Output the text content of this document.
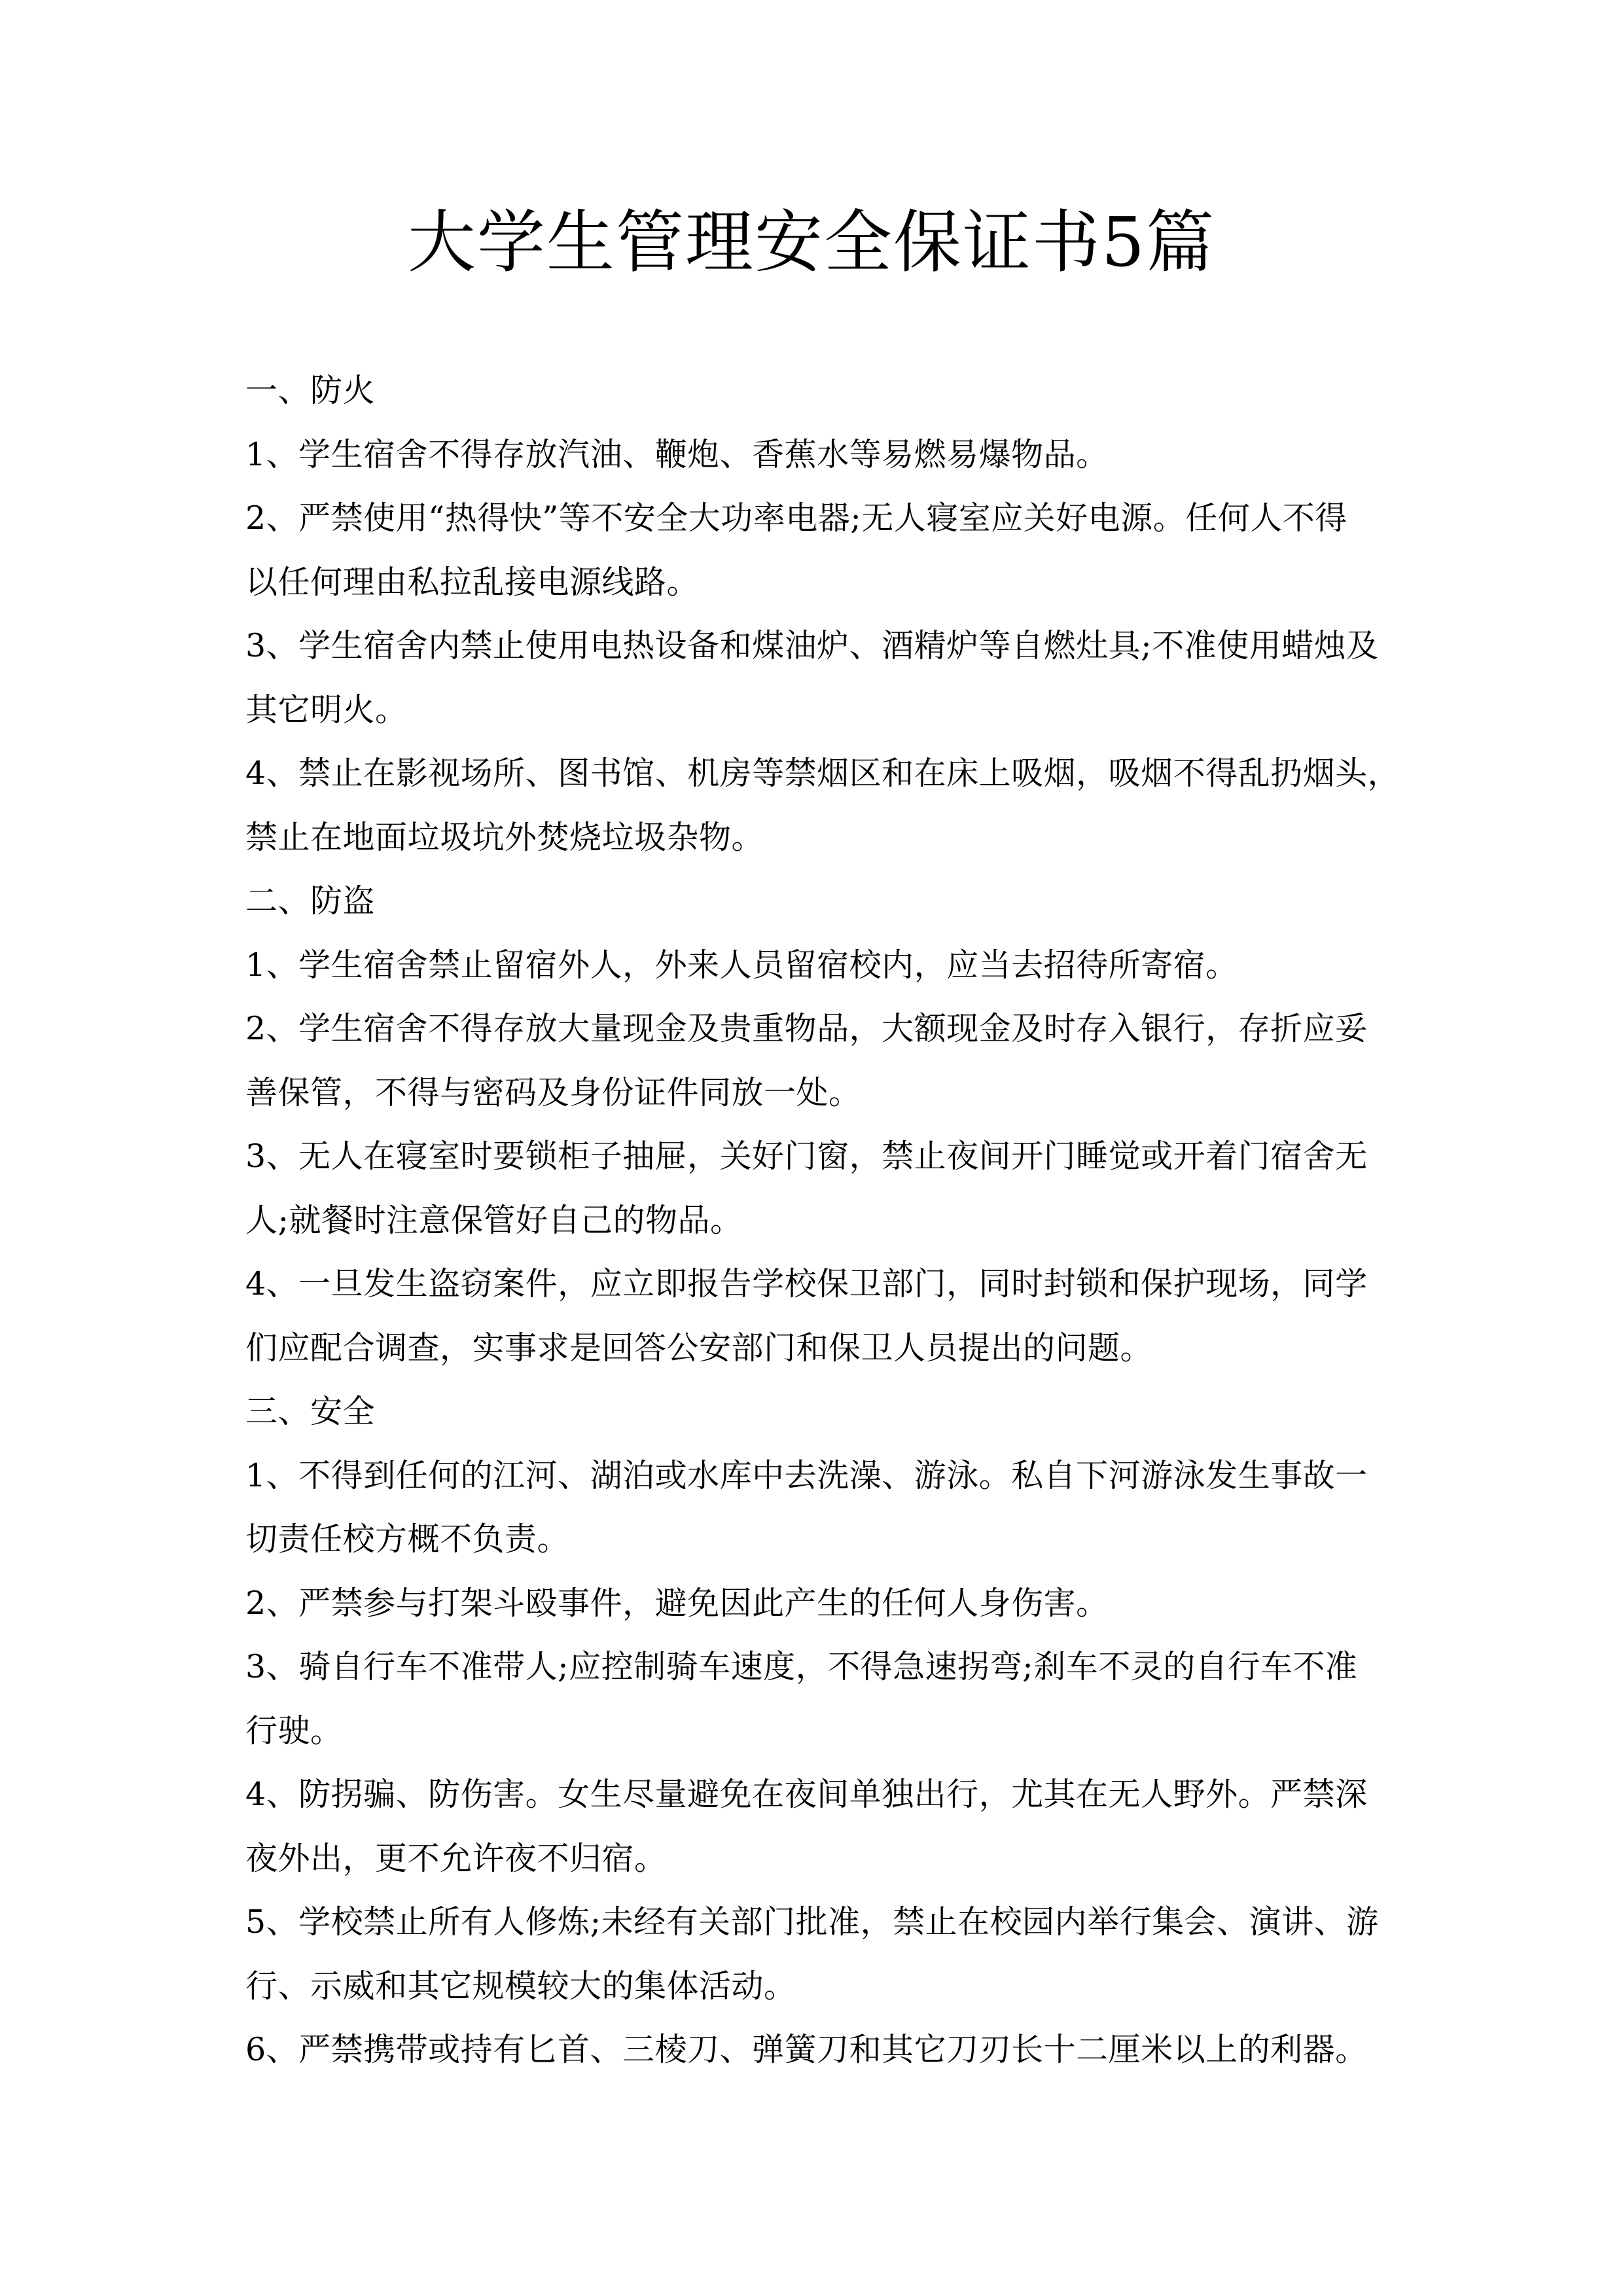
大学生管理安全保证书5篇

一、防火

1、学生宿舍不得存放汽油、鞭炮、香蕉水等易燃易爆物品。

2、严禁使用“热得快”等不安全大功率电器;无人寝室应关好电源。任何人不得

以任何理由私拉乱接电源线路。

3、学生宿舍内禁止使用电热设备和煤油炉、酒精炉等自燃灶具;不准使用蜡烛及

其它明火。

4、禁止在影视场所、图书馆、机房等禁烟区和在床上吸烟，吸烟不得乱扔烟头，

禁止在地面垃圾坑外焚烧垃圾杂物。

二、防盗

1、学生宿舍禁止留宿外人，外来人员留宿校内，应当去招待所寄宿。

2、学生宿舍不得存放大量现金及贵重物品，大额现金及时存入银行，存折应妥

善保管，不得与密码及身份证件同放一处。

3、无人在寝室时要锁柜子抽屉，关好门窗，禁止夜间开门睡觉或开着门宿舍无

人;就餐时注意保管好自己的物品。

4、一旦发生盗窃案件，应立即报告学校保卫部门，同时封锁和保护现场，同学

们应配合调查，实事求是回答公安部门和保卫人员提出的问题。

三、安全

1、不得到任何的江河、湖泊或水库中去洗澡、游泳。私自下河游泳发生事故一

切责任校方概不负责。

2、严禁参与打架斗殴事件，避免因此产生的任何人身伤害。

3、骑自行车不准带人;应控制骑车速度，不得急速拐弯;刹车不灵的自行车不准

行驶。

4、防拐骗、防伤害。女生尽量避免在夜间单独出行，尤其在无人野外。严禁深

夜外出，更不允许夜不归宿。

5、学校禁止所有人修炼;未经有关部门批准，禁止在校园内举行集会、演讲、游

行、示威和其它规模较大的集体活动。

6、严禁携带或持有匕首、三棱刀、弹簧刀和其它刀刃长十二厘米以上的利器。
